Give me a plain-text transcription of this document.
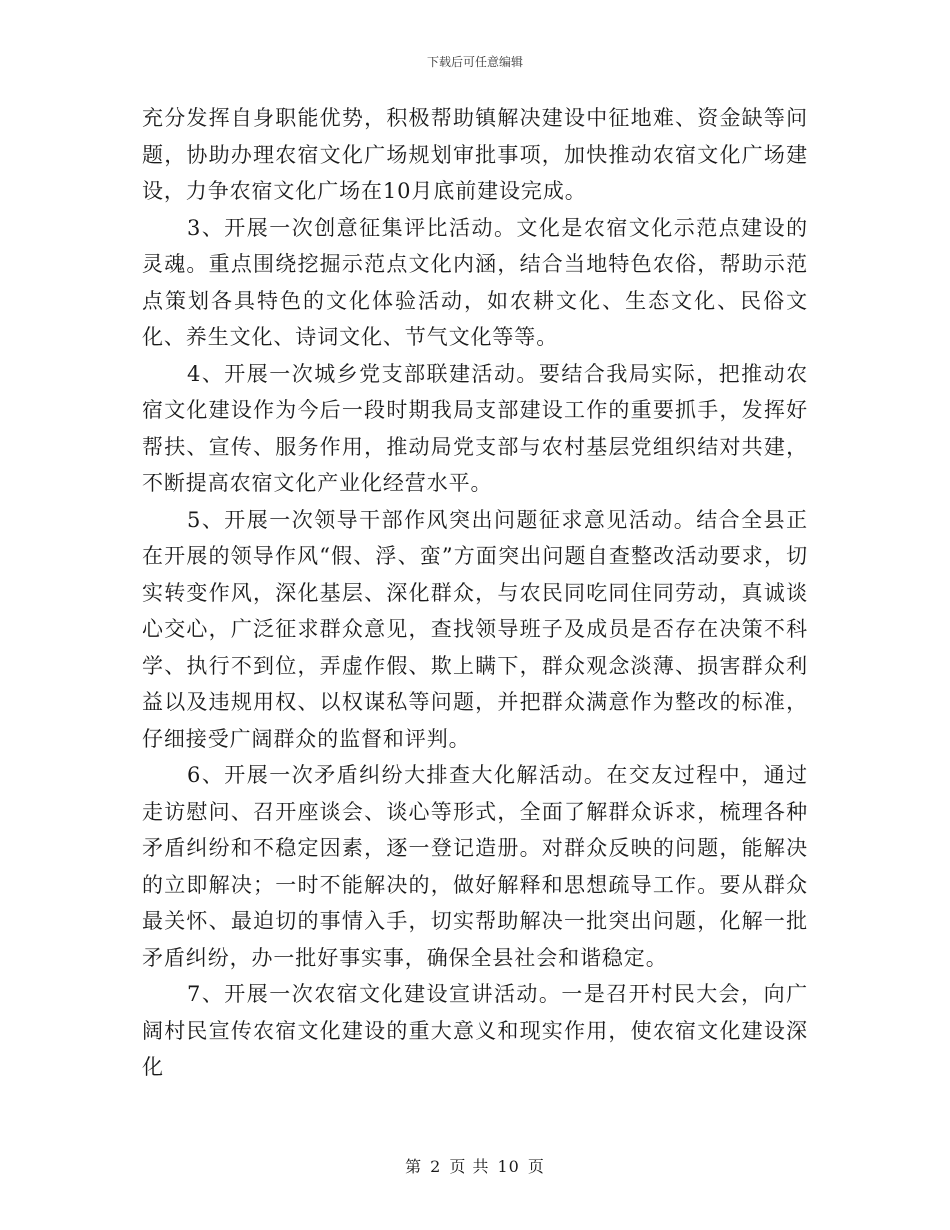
下载后可任意编辑

充分发挥自身职能优势，积极帮助镇解决建设中征地难、资金缺等问题，协助办理农宿文化广场规划审批事项，加快推动农宿文化广场建设，力争农宿文化广场在10月底前建设完成。

3、开展一次创意征集评比活动。文化是农宿文化示范点建设的灵魂。重点围绕挖掘示范点文化内涵，结合当地特色农俗，帮助示范点策划各具特色的文化体验活动，如农耕文化、生态文化、民俗文化、养生文化、诗词文化、节气文化等等。

4、开展一次城乡党支部联建活动。要结合我局实际，把推动农宿文化建设作为今后一段时期我局支部建设工作的重要抓手，发挥好帮扶、宣传、服务作用，推动局党支部与农村基层党组织结对共建，不断提高农宿文化产业化经营水平。

5、开展一次领导干部作风突出问题征求意见活动。结合全县正在开展的领导作风“假、浮、蛮”方面突出问题自查整改活动要求，切实转变作风，深化基层、深化群众，与农民同吃同住同劳动，真诚谈心交心，广泛征求群众意见，查找领导班子及成员是否存在决策不科学、执行不到位，弄虚作假、欺上瞒下，群众观念淡薄、损害群众利益以及违规用权、以权谋私等问题，并把群众满意作为整改的标准，仔细接受广阔群众的监督和评判。

6、开展一次矛盾纠纷大排查大化解活动。在交友过程中，通过走访慰问、召开座谈会、谈心等形式，全面了解群众诉求，梳理各种矛盾纠纷和不稳定因素，逐一登记造册。对群众反映的问题，能解决的立即解决；一时不能解决的，做好解释和思想疏导工作。要从群众最关怀、最迫切的事情入手，切实帮助解决一批突出问题，化解一批矛盾纠纷，办一批好事实事，确保全县社会和谐稳定。

7、开展一次农宿文化建设宣讲活动。一是召开村民大会，向广阔村民宣传农宿文化建设的重大意义和现实作用，使农宿文化建设深化

第 2 页 共 10 页
